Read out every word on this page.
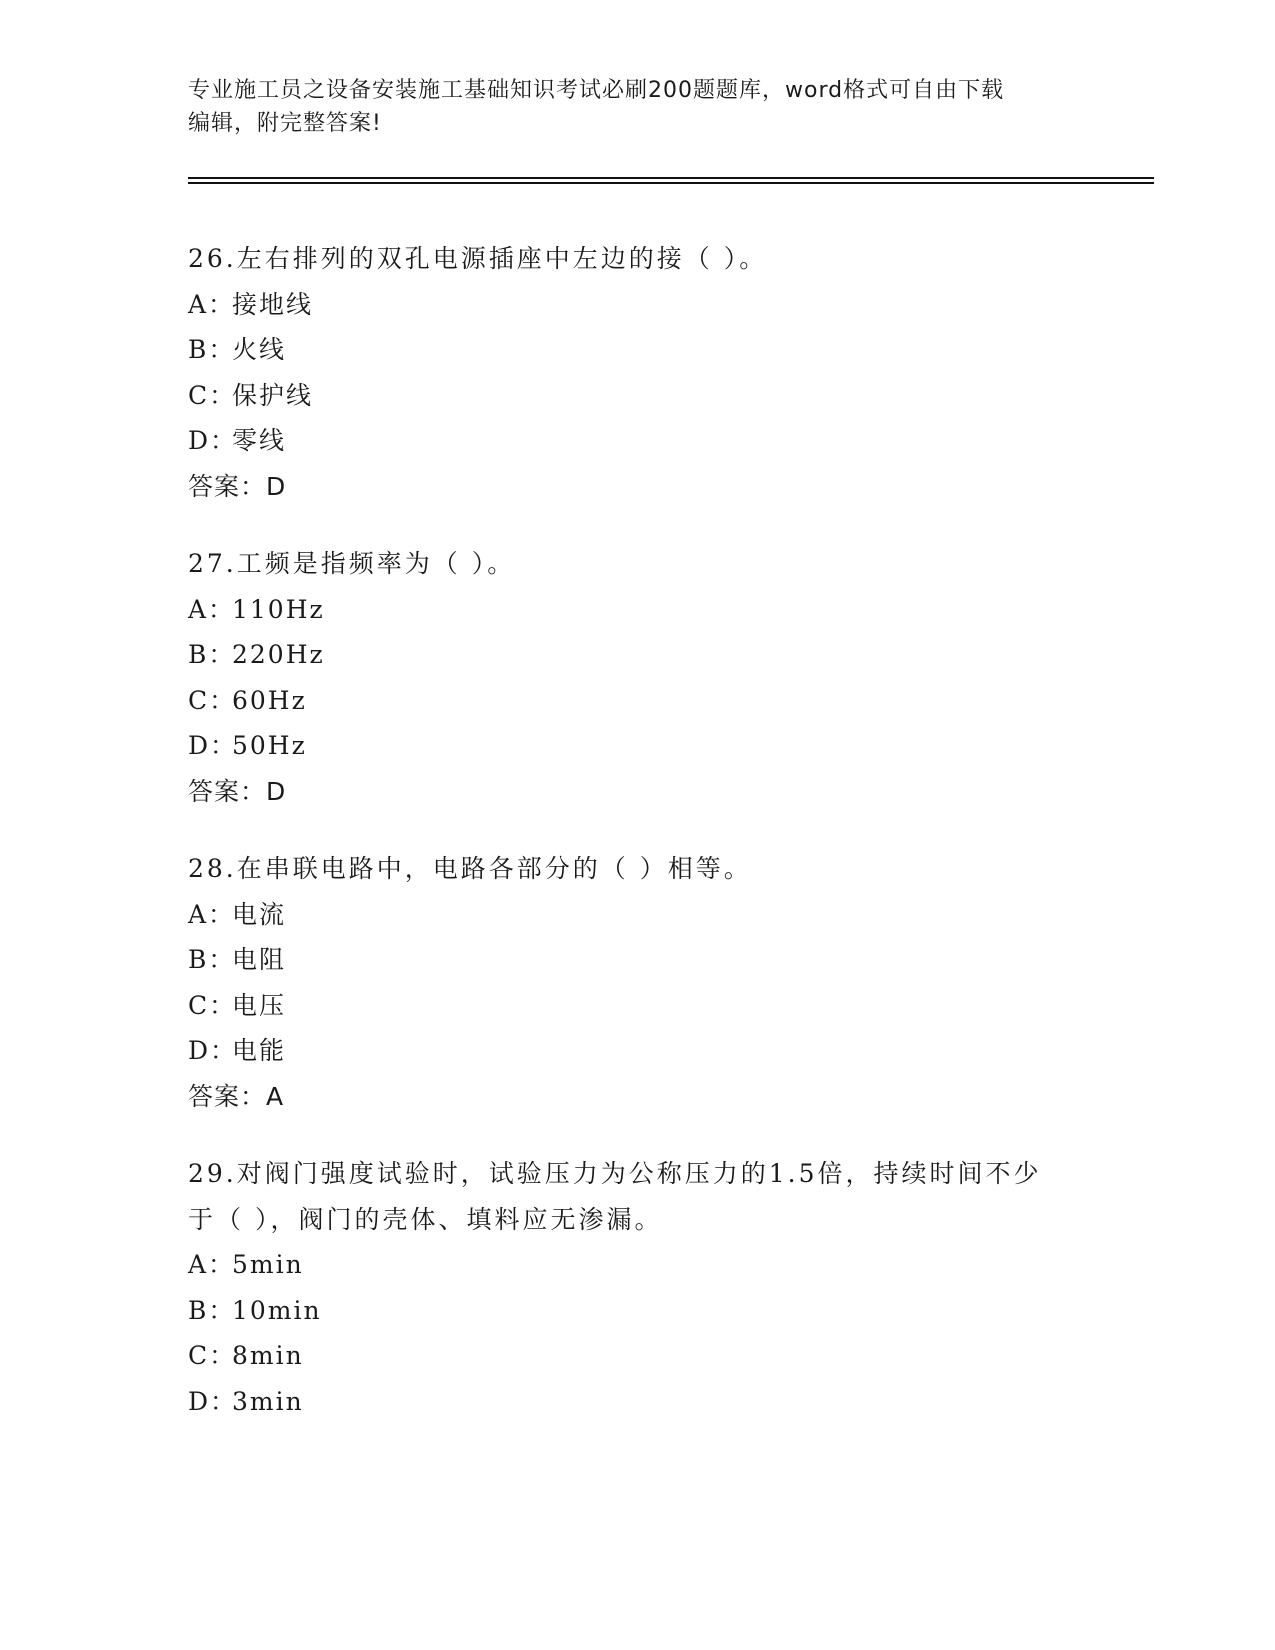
专业施工员之设备安装施工基础知识考试必刷200题题库，word格式可自由下载
编辑，附完整答案!
26.左右排列的双孔电源插座中左边的接（ ）。
A：接地线
B：火线
C：保护线
D：零线
答案：D
27.工频是指频率为（ ）。
A：110Hz
B：220Hz
C：60Hz
D：50Hz
答案：D
28.在串联电路中，电路各部分的（ ）相等。
A：电流
B：电阻
C：电压
D：电能
答案：A
29.对阀门强度试验时，试验压力为公称压力的1.5倍，持续时间不少
于（ ），阀门的壳体、填料应无渗漏。
A：5min
B：10min
C：8min
D：3min
